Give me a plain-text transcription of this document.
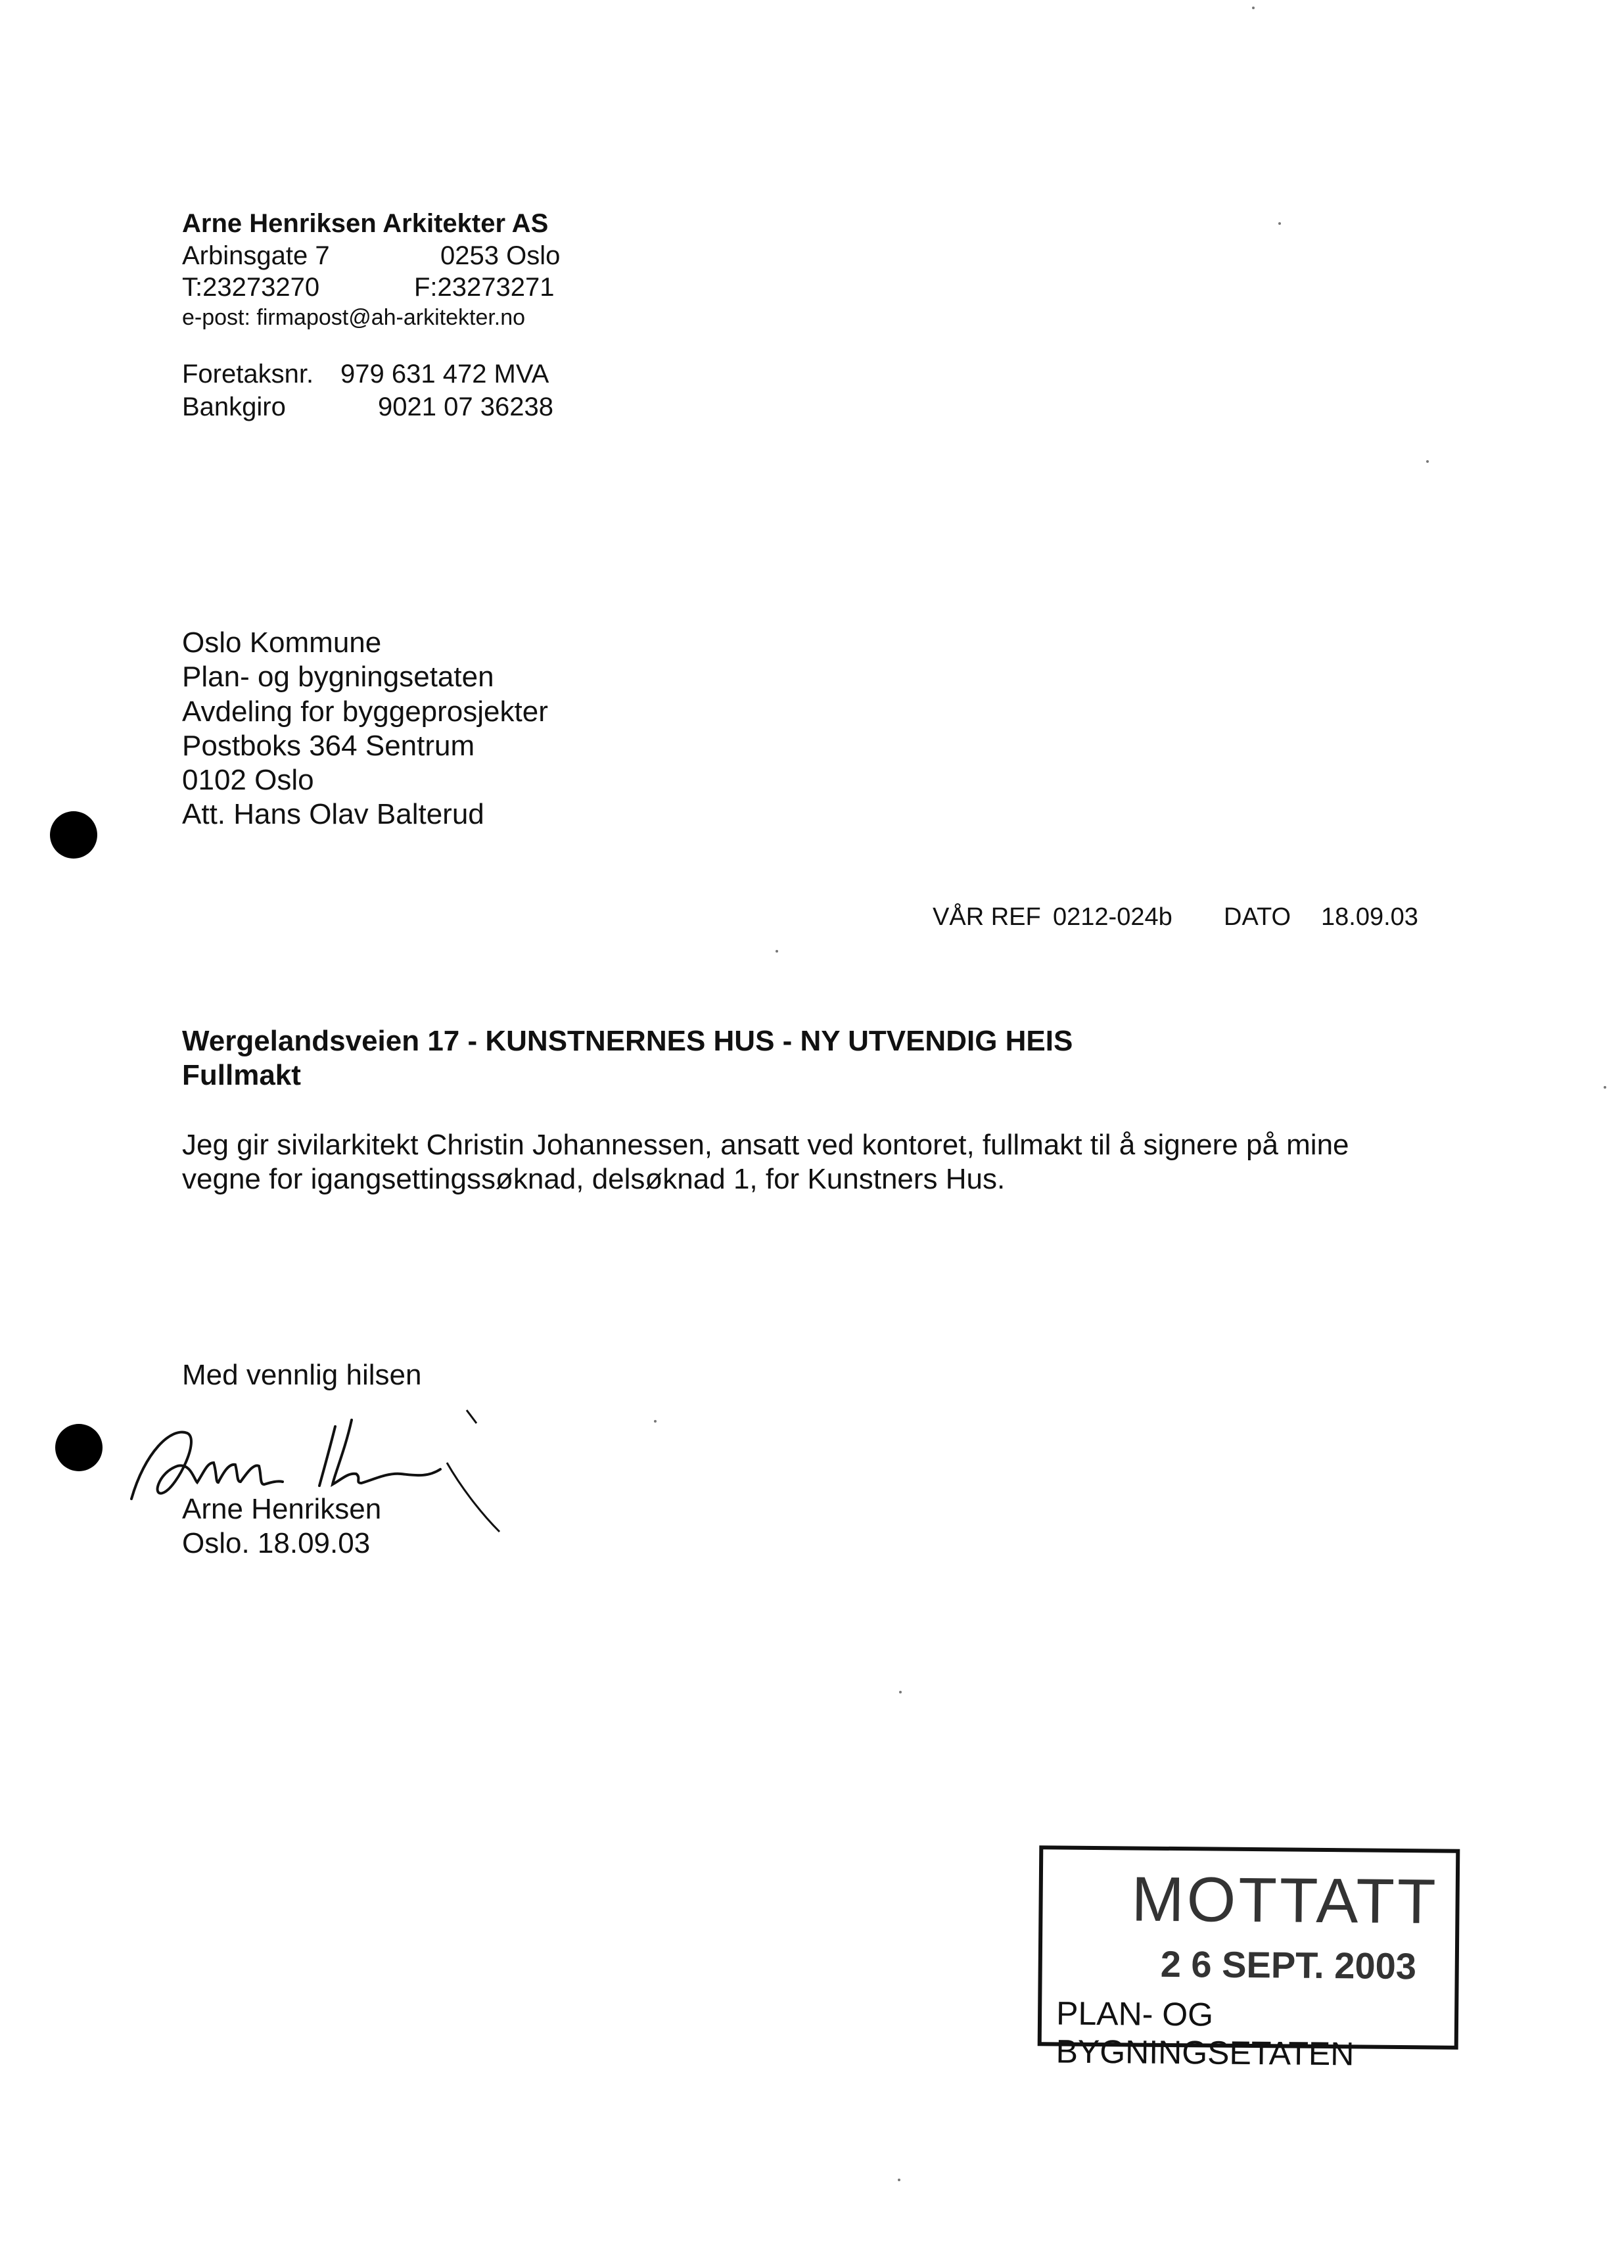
Arne Henriksen Arkitekter AS
Arbinsgate 7	0253 Oslo
T:23273270	F:23273271
e-post: firmapost@ah-arkitekter.no
Foretaksnr. 979 631 472 MVA
Bankgiro	9021 07 36238
Oslo Kommune
Plan- og bygningsetaten
Avdeling for byggeprosjekter
Postboks 364 Sentrum
0102 Oslo
Att. Hans Olav Balterud
VÅR REF 0212-024b DATO 18.09.03
Wergelandsveien 17 - KUNSTNERNES HUS - NY UTVENDIG HEIS
Fullmakt
Jeg gir sivilarkitekt Christin Johannessen, ansatt ved kontoret, fullmakt til å signere på mine
vegne for igangsettingssøknad, delsøknad 1, for Kunstners Hus.
Med vennlig hilsen
Arne Henriksen
Oslo. 18.09.03
MOTTATT
2 6 SEPT. 2003
PLAN- OG BYGNINGSETATEN
